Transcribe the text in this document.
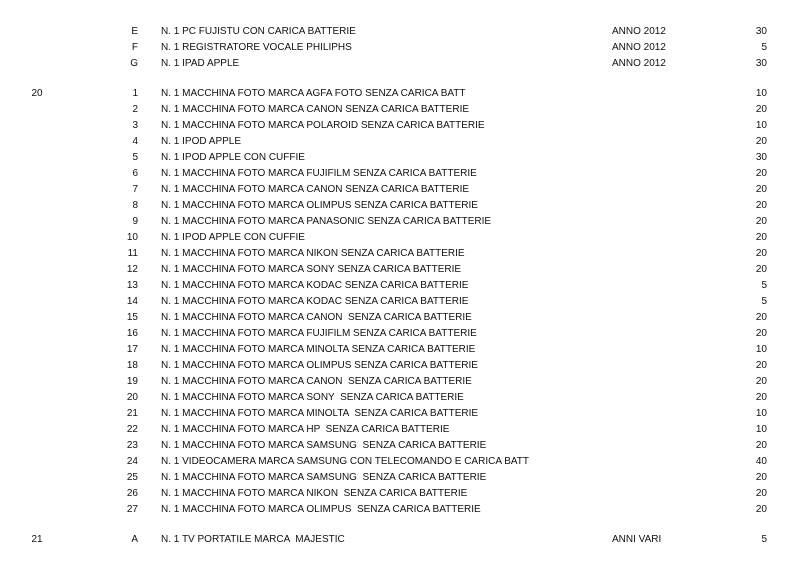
E N. 1 PC FUJISTU CON CARICA BATTERIE	ANNO 2012	30
F N. 1 REGISTRATORE VOCALE PHILIPHS	ANNO 2012	5
G N. 1 IPAD APPLE	ANNO 2012	30
20	1 N. 1 MACCHINA FOTO MARCA AGFA FOTO SENZA CARICA BATT	10
2 N. 1 MACCHINA FOTO MARCA CANON SENZA CARICA BATTERIE	20
3 N. 1 MACCHINA FOTO MARCA POLAROID SENZA CARICA BATTERIE	10
4 N. 1 IPOD APPLE	20
5 N. 1 IPOD APPLE CON CUFFIE	30
6 N. 1 MACCHINA FOTO MARCA FUJIFILM SENZA CARICA BATTERIE	20
7 N. 1 MACCHINA FOTO MARCA CANON SENZA CARICA BATTERIE	20
8 N. 1 MACCHINA FOTO MARCA OLIMPUS SENZA CARICA BATTERIE	20
9 N. 1 MACCHINA FOTO MARCA PANASONIC SENZA CARICA BATTERIE	20
10 N. 1 IPOD APPLE CON CUFFIE	20
11 N. 1 MACCHINA FOTO MARCA NIKON SENZA CARICA BATTERIE	20
12 N. 1 MACCHINA FOTO MARCA SONY SENZA CARICA BATTERIE	20
13 N. 1 MACCHINA FOTO MARCA KODAC SENZA CARICA BATTERIE	5
14 N. 1 MACCHINA FOTO MARCA KODAC SENZA CARICA BATTERIE	5
15 N. 1 MACCHINA FOTO MARCA CANON  SENZA CARICA BATTERIE	20
16 N. 1 MACCHINA FOTO MARCA FUJIFILM SENZA CARICA BATTERIE	20
17 N. 1 MACCHINA FOTO MARCA MINOLTA SENZA CARICA BATTERIE	10
18 N. 1 MACCHINA FOTO MARCA OLIMPUS SENZA CARICA BATTERIE	20
19 N. 1 MACCHINA FOTO MARCA CANON  SENZA CARICA BATTERIE	20
20 N. 1 MACCHINA FOTO MARCA SONY  SENZA CARICA BATTERIE	20
21 N. 1 MACCHINA FOTO MARCA MINOLTA  SENZA CARICA BATTERIE	10
22 N. 1 MACCHINA FOTO MARCA HP  SENZA CARICA BATTERIE	10
23 N. 1 MACCHINA FOTO MARCA SAMSUNG  SENZA CARICA BATTERIE	20
24 N. 1 VIDEOCAMERA MARCA SAMSUNG CON TELECOMANDO E CARICA BATT	40
25 N. 1 MACCHINA FOTO MARCA SAMSUNG  SENZA CARICA BATTERIE	20
26 N. 1 MACCHINA FOTO MARCA NIKON  SENZA CARICA BATTERIE	20
27 N. 1 MACCHINA FOTO MARCA OLIMPUS  SENZA CARICA BATTERIE	20
21	A N. 1 TV PORTATILE MARCA  MAJESTIC	ANNI VARI	5
